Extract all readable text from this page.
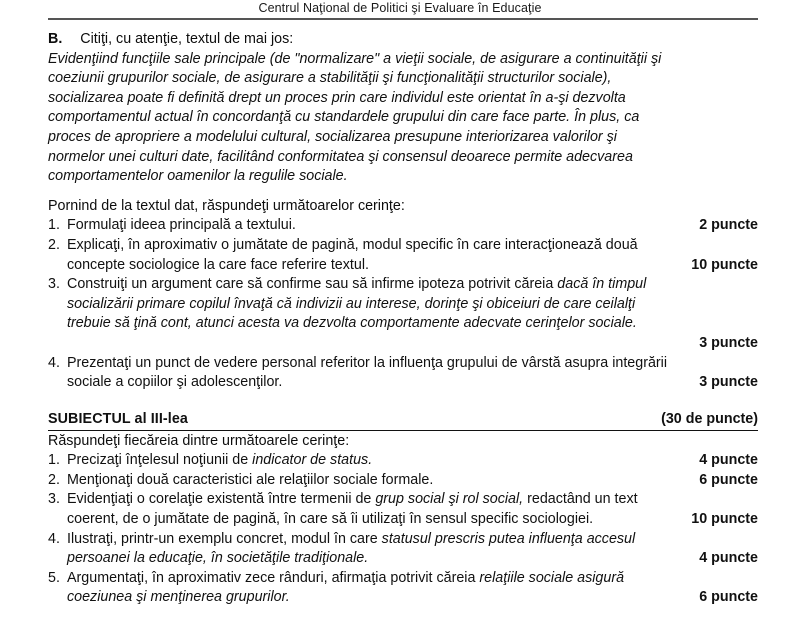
Centrul Naţional de Politici şi Evaluare în Educaţie
B. Citiţi, cu atenţie, textul de mai jos:
Evidenţiind funcţiile sale principale (de "normalizare" a vieţii sociale, de asigurare a continuităţii şi
coeziunii grupurilor sociale, de asigurare a stabilităţii şi funcţionalităţii structurilor sociale),
socializarea poate fi definită drept un proces prin care individul este orientat în a-şi dezvolta
comportamentul actual în concordanţă cu standardele grupului din care face parte. În plus, ca
proces de apropriere a modelului cultural, socializarea presupune interiorizarea valorilor şi
normelor unei culturi date, facilitând conformitatea şi consensul deoarece permite adecvarea
comportamentelor oamenilor la regulile sociale.
Pornind de la textul dat, răspundeţi următoarelor cerinţe:
1. Formulaţi ideea principală a textului.	2 puncte
2. Explicaţi, în aproximativ o jumătate de pagină, modul specific în care interacţionează două
concepte sociologice la care face referire textul.	10 puncte
3. Construiţi un argument care să confirme sau să infirme ipoteza potrivit căreia dacă în timpul
socializării primare copilul învaţă că indivizii au interese, dorinţe şi obiceiuri de care ceilalţi
trebuie să ţină cont, atunci acesta va dezvolta comportamente adecvate cerinţelor sociale.
3 puncte
4. Prezentaţi un punct de vedere personal referitor la influenţa grupului de vârstă asupra integrării
sociale a copiilor şi adolescenţilor.	3 puncte
SUBIECTUL al III-lea	(30 de puncte)
Răspundeţi fiecăreia dintre următoarele cerinţe:
1. Precizaţi înţelesul noţiunii de indicator de status.	4 puncte
2. Menţionaţi două caracteristici ale relaţiilor sociale formale.	6 puncte
3. Evidenţiaţi o corelaţie existentă între termenii de grup social şi rol social, redactând un text
coerent, de o jumătate de pagină, în care să îi utilizaţi în sensul specific sociologiei.	10 puncte
4. Ilustraţi, printr-un exemplu concret, modul în care statusul prescris putea influenţa accesul
persoanei la educaţie, în societăţile tradiţionale.	4 puncte
5. Argumentaţi, în aproximativ zece rânduri, afirmaţia potrivit căreia relaţiile sociale asigură
coeziunea şi menţinerea grupurilor.	6 puncte
